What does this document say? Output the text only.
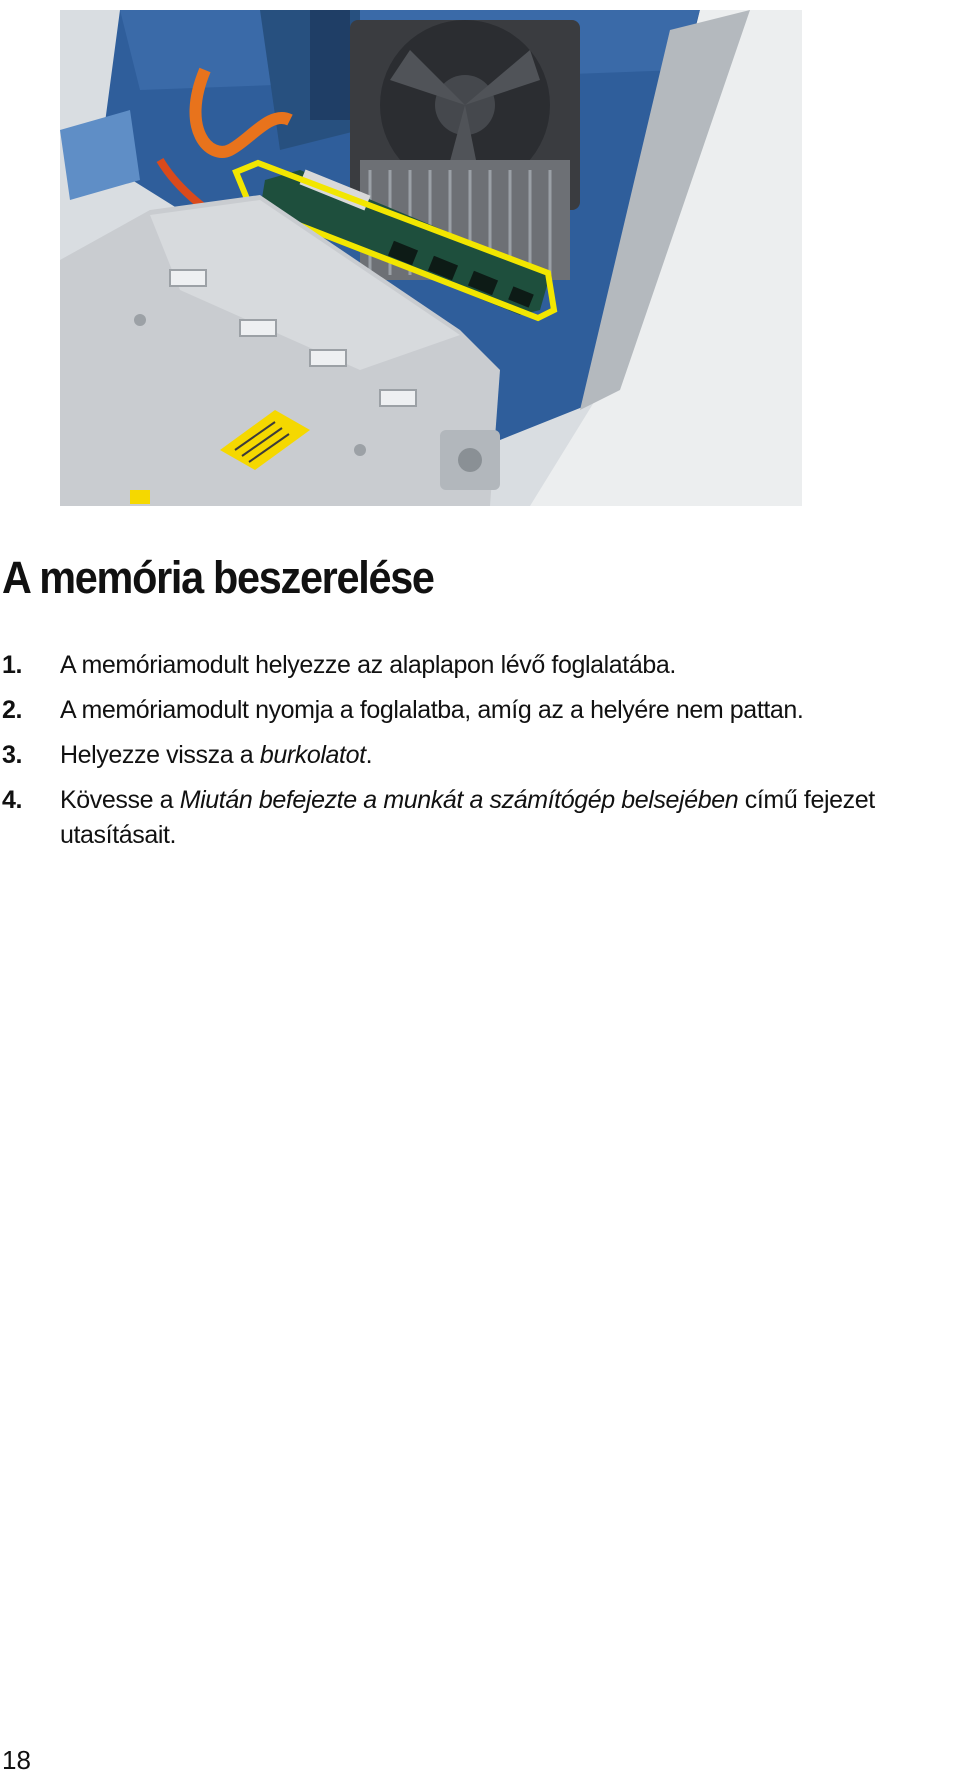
A memória beszerelése
1. A memóriamodult helyezze az alaplapon lévő foglalatába.
2. A memóriamodult nyomja a foglalatba, amíg az a helyére nem pattan.
3. Helyezze vissza a burkolatot.
4. Kövesse a Miután befejezte a munkát a számítógép belsejében című fejezet utasításait.
18
